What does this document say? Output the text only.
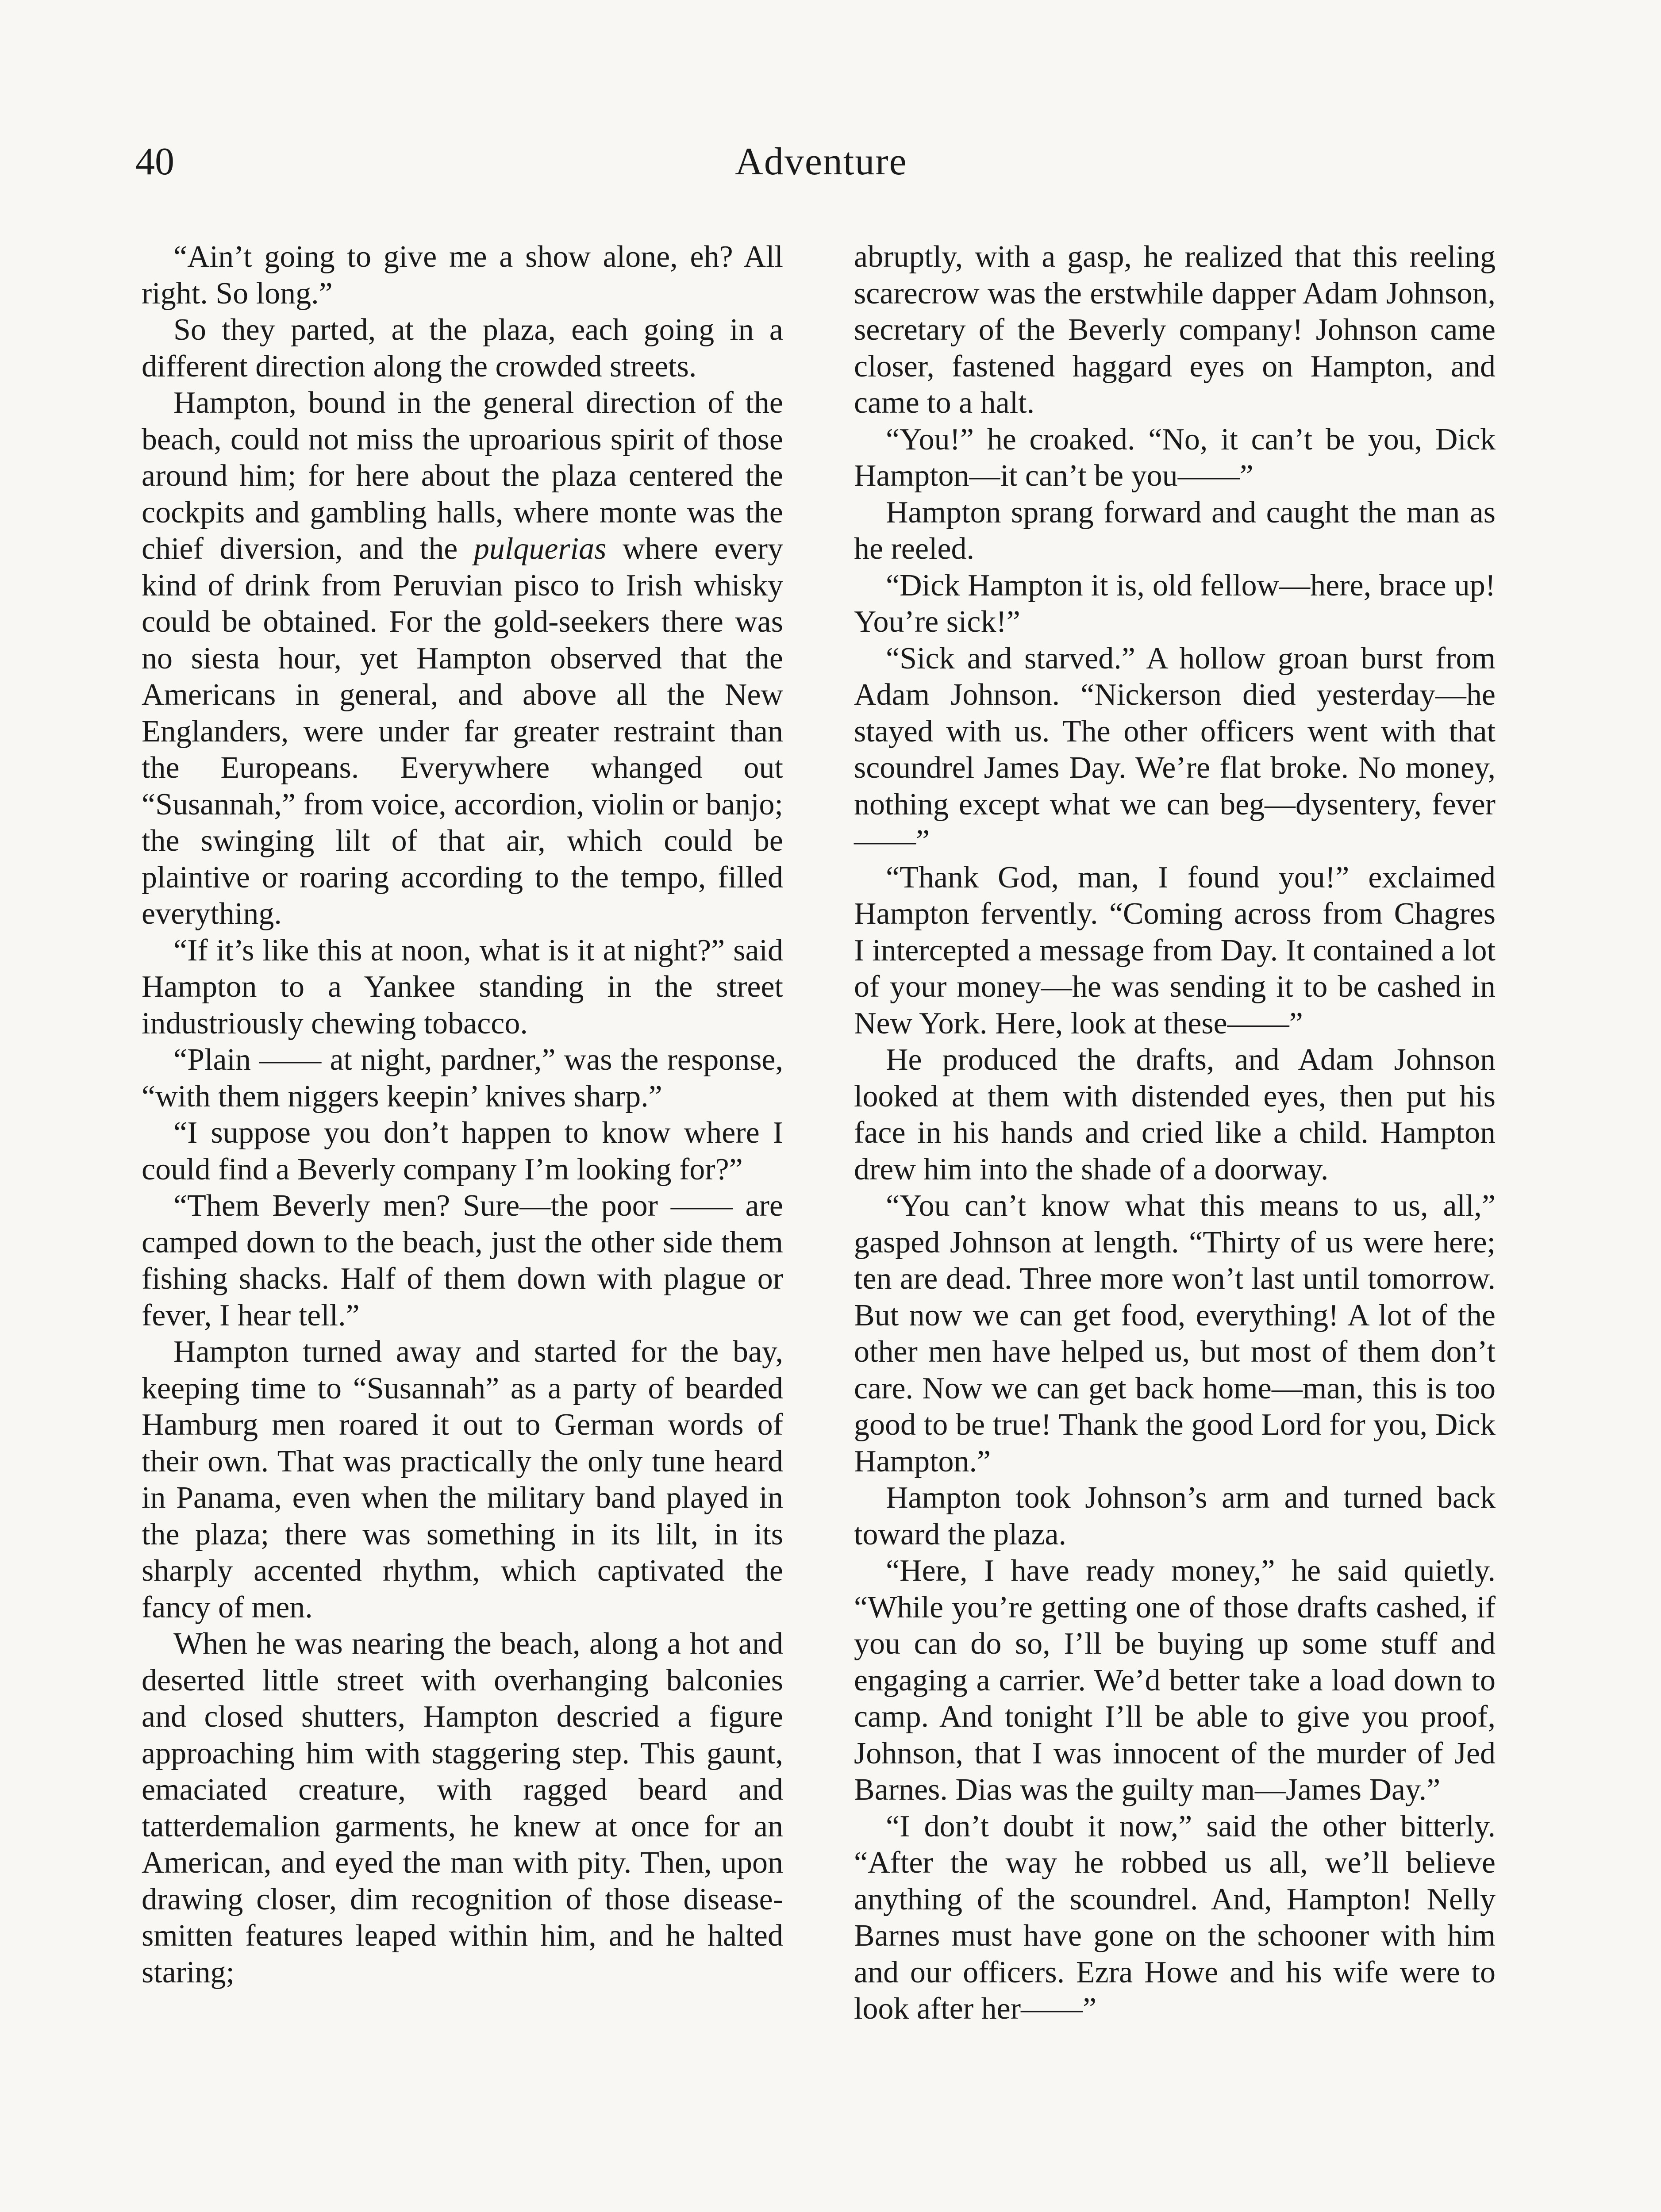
40	Adventure

“Ain’t going to give me a show alone, eh? All right. So long.”

So they parted, at the plaza, each going in a different direction along the crowded streets.

Hampton, bound in the general direction of the beach, could not miss the uproarious spirit of those around him; for here about the plaza centered the cockpits and gambling halls, where monte was the chief diversion, and the pulquerias where every kind of drink from Peruvian pisco to Irish whisky could be obtained. For the gold-seekers there was no siesta hour, yet Hampton observed that the Americans in general, and above all the New Englanders, were under far greater restraint than the Europeans. Everywhere whanged out “Susannah,” from voice, accordion, violin or banjo; the swinging lilt of that air, which could be plaintive or roaring according to the tempo, filled everything.

“If it’s like this at noon, what is it at night?” said Hampton to a Yankee standing in the street industriously chewing tobacco.

“Plain —— at night, pardner,” was the response, “with them niggers keepin’ knives sharp.”

“I suppose you don’t happen to know where I could find a Beverly company I’m looking for?”

“Them Beverly men? Sure—the poor —— are camped down to the beach, just the other side them fishing shacks. Half of them down with plague or fever, I hear tell.”

Hampton turned away and started for the bay, keeping time to “Susannah” as a party of bearded Hamburg men roared it out to German words of their own. That was practically the only tune heard in Panama, even when the military band played in the plaza; there was something in its lilt, in its sharply accented rhythm, which captivated the fancy of men.

When he was nearing the beach, along a hot and deserted little street with overhanging balconies and closed shutters, Hampton descried a figure approaching him with staggering step. This gaunt, emaciated creature, with ragged beard and tatterdemalion garments, he knew at once for an American, and eyed the man with pity. Then, upon drawing closer, dim recognition of those disease-smitten features leaped within him, and he halted staring;

abruptly, with a gasp, he realized that this reeling scarecrow was the erstwhile dapper Adam Johnson, secretary of the Beverly company! Johnson came closer, fastened haggard eyes on Hampton, and came to a halt.

“You!” he croaked. “No, it can’t be you, Dick Hampton—it can’t be you——”

Hampton sprang forward and caught the man as he reeled.

“Dick Hampton it is, old fellow—here, brace up! You’re sick!”

“Sick and starved.” A hollow groan burst from Adam Johnson. “Nickerson died yesterday—he stayed with us. The other officers went with that scoundrel James Day. We’re flat broke. No money, nothing except what we can beg—dysentery, fever——”

“Thank God, man, I found you!” exclaimed Hampton fervently. “Coming across from Chagres I intercepted a message from Day. It contained a lot of your money—he was sending it to be cashed in New York. Here, look at these——”

He produced the drafts, and Adam Johnson looked at them with distended eyes, then put his face in his hands and cried like a child. Hampton drew him into the shade of a doorway.

“You can’t know what this means to us, all,” gasped Johnson at length. “Thirty of us were here; ten are dead. Three more won’t last until tomorrow. But now we can get food, everything! A lot of the other men have helped us, but most of them don’t care. Now we can get back home—man, this is too good to be true! Thank the good Lord for you, Dick Hampton.”

Hampton took Johnson’s arm and turned back toward the plaza.

“Here, I have ready money,” he said quietly. “While you’re getting one of those drafts cashed, if you can do so, I’ll be buying up some stuff and engaging a carrier. We’d better take a load down to camp. And tonight I’ll be able to give you proof, Johnson, that I was innocent of the murder of Jed Barnes. Dias was the guilty man—James Day.”

“I don’t doubt it now,” said the other bitterly. “After the way he robbed us all, we’ll believe anything of the scoundrel. And, Hampton! Nelly Barnes must have gone on the schooner with him and our officers. Ezra Howe and his wife were to look after her——”
